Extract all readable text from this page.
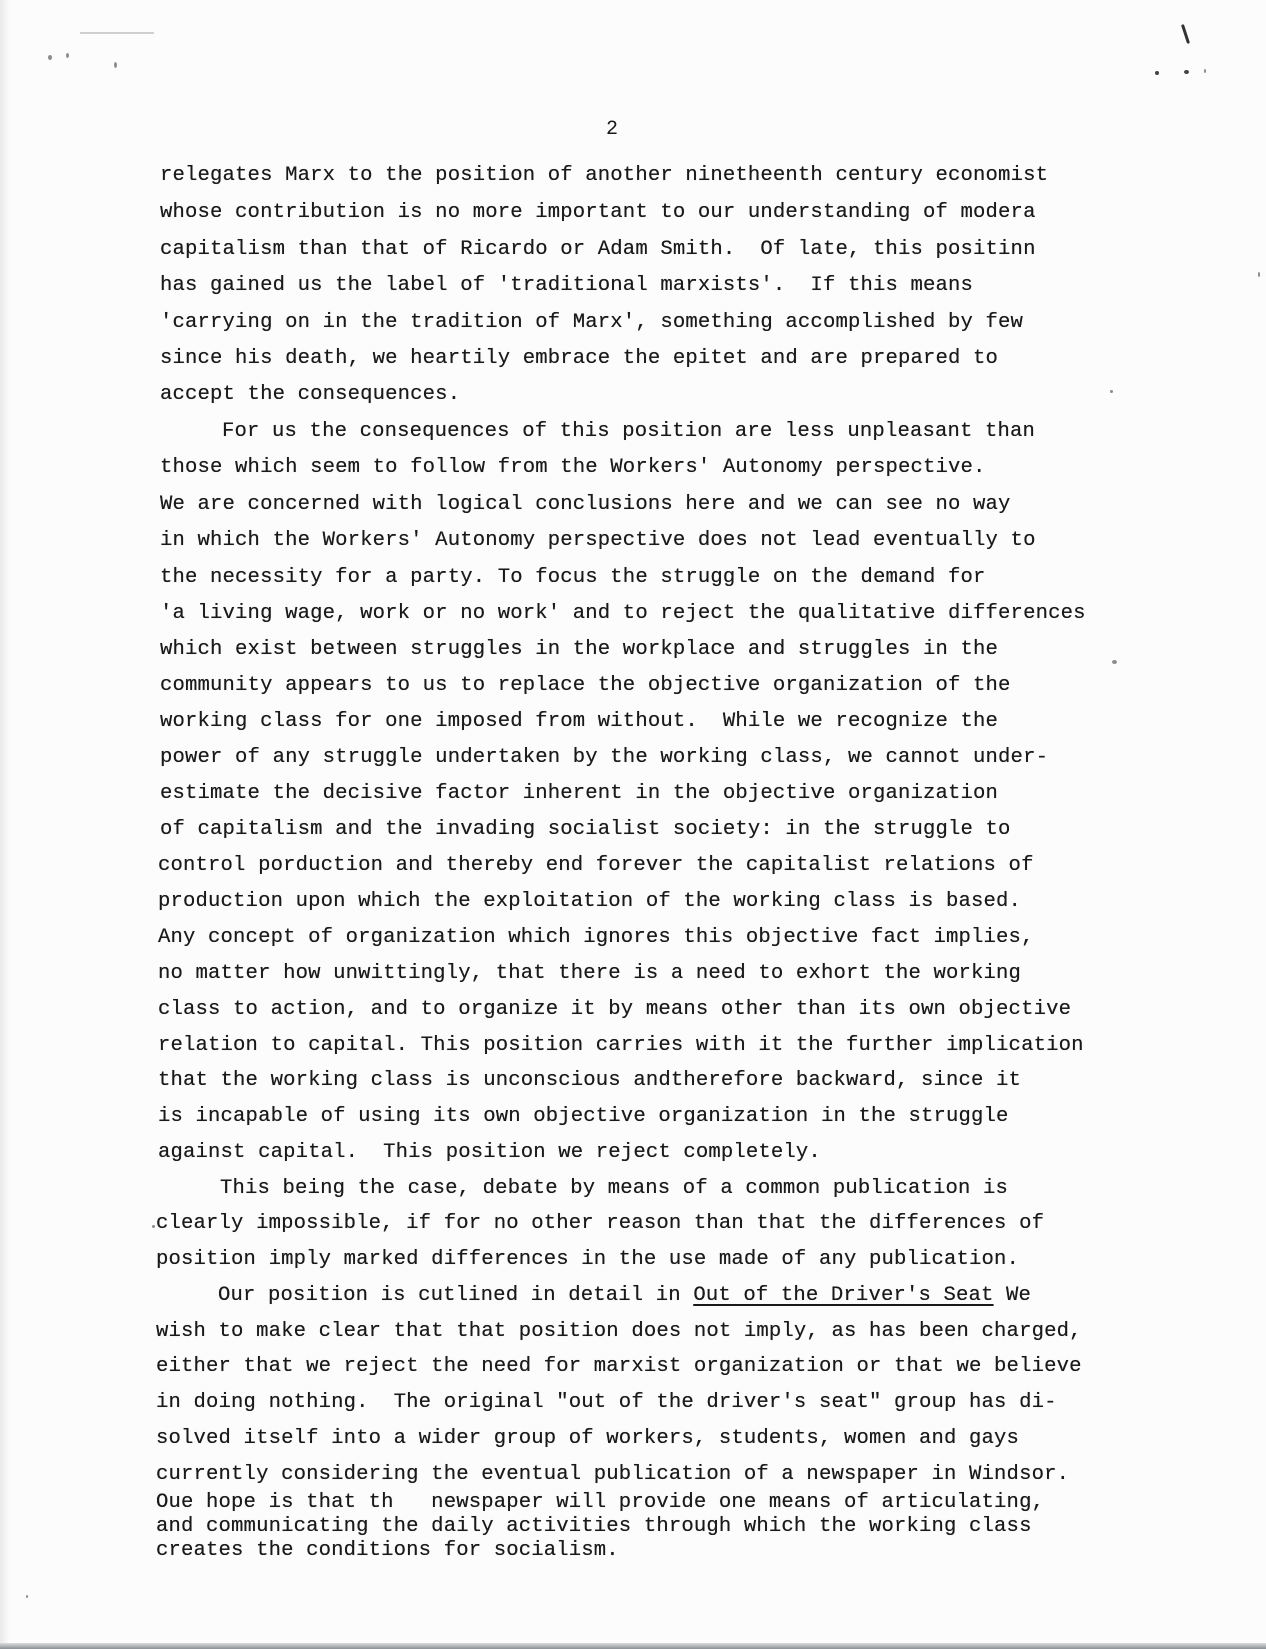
2
relegates Marx to the position of another ninetheenth century economist
whose contribution is no more important to our understanding of modera
capitalism than that of Ricardo or Adam Smith.  Of late, this positinn
has gained us the label of 'traditional marxists'.  If this means
'carrying on in the tradition of Marx', something accomplished by few
since his death, we heartily embrace the epitet and are prepared to
accept the consequences.
For us the consequences of this position are less unpleasant than
those which seem to follow from the Workers' Autonomy perspective.
We are concerned with logical conclusions here and we can see no way
in which the Workers' Autonomy perspective does not lead eventually to
the necessity for a party. To focus the struggle on the demand for
'a living wage, work or no work' and to reject the qualitative differences
which exist between struggles in the workplace and struggles in the
community appears to us to replace the objective organization of the
working class for one imposed from without.  While we recognize the
power of any struggle undertaken by the working class, we cannot under-
estimate the decisive factor inherent in the objective organization
of capitalism and the invading socialist society: in the struggle to
control porduction and thereby end forever the capitalist relations of
production upon which the exploitation of the working class is based.
Any concept of organization which ignores this objective fact implies,
no matter how unwittingly, that there is a need to exhort the working
class to action, and to organize it by means other than its own objective
relation to capital. This position carries with it the further implication
that the working class is unconscious andtherefore backward, since it
is incapable of using its own objective organization in the struggle
against capital.  This position we reject completely.
This being the case, debate by means of a common publication is
clearly impossible, if for no other reason than that the differences of
position imply marked differences in the use made of any publication.
Our position is cutlined in detail in Out of the Driver's Seat We
wish to make clear that that position does not imply, as has been charged,
either that we reject the need for marxist organization or that we believe
in doing nothing.  The original "out of the driver's seat" group has di-
solved itself into a wider group of workers, students, women and gays
currently considering the eventual publication of a newspaper in Windsor.
Oue hope is that th   newspaper will provide one means of articulating,
and communicating the daily activities through which the working class
creates the conditions for socialism.
